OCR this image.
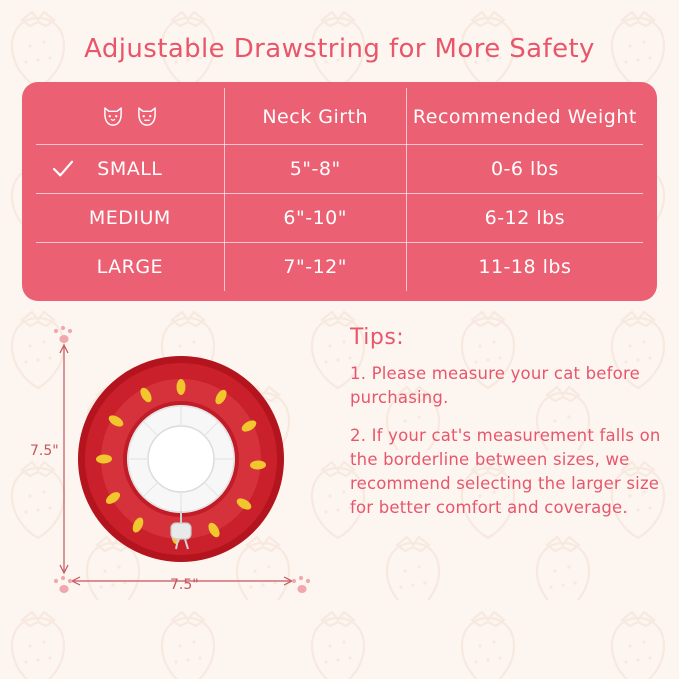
Adjustable Drawstring for More Safety
	Neck Girth	Recommended Weight

SMALL	5"-8"	0-6 lbs
MEDIUM	6"-10"	6-12 lbs
LARGE	7"-12"	11-18 lbs
7.5"
7.5"
Tips:
1. Please measure your cat before purchasing.
2. If your cat's measurement falls on the borderline between sizes, we recommend selecting the larger size for better comfort and coverage.
